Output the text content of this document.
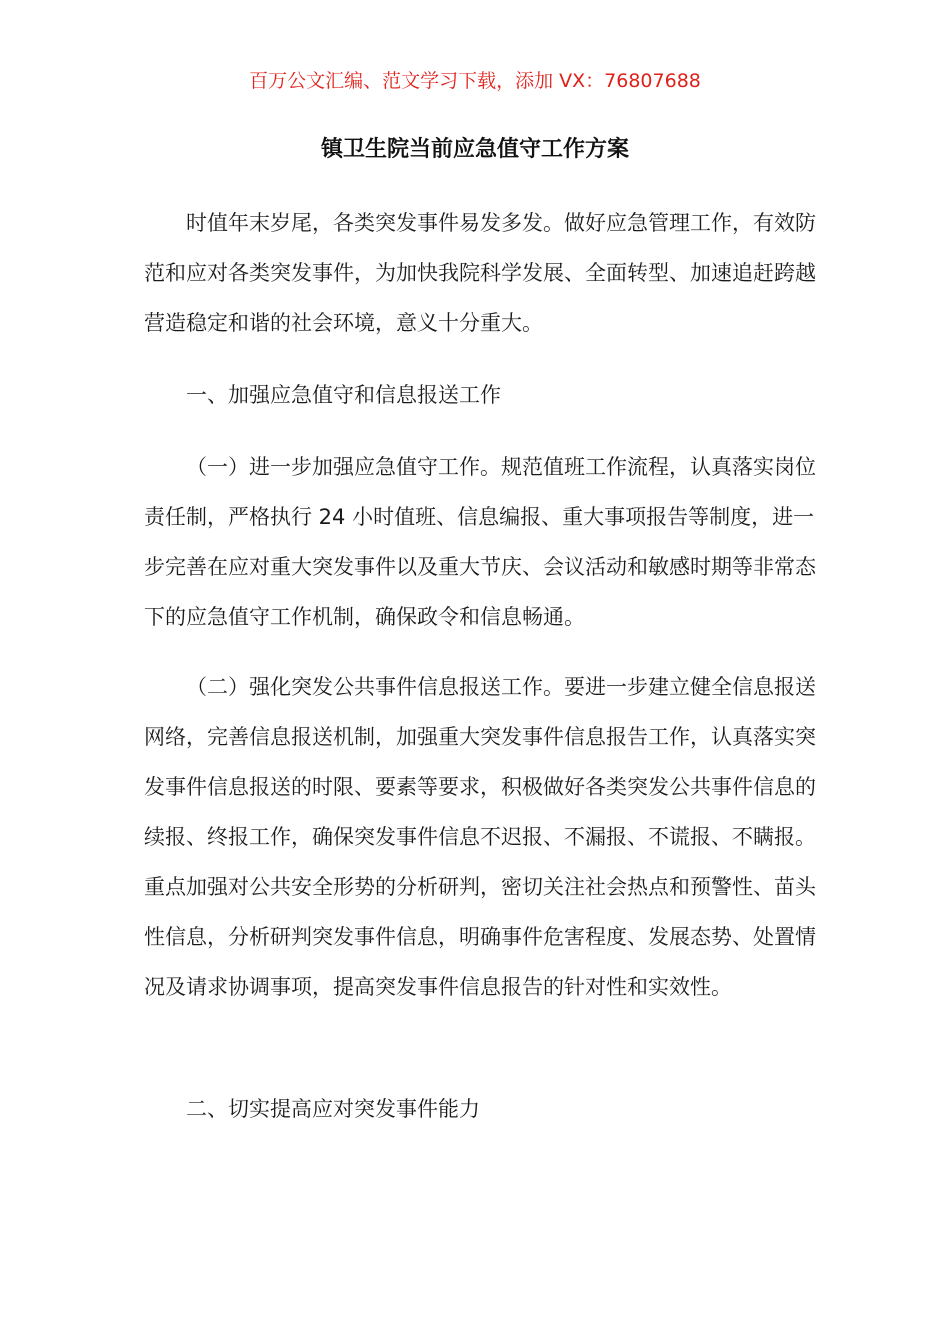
百万公文汇编、范文学习下载，添加 VX：76807688
镇卫生院当前应急值守工作方案

时值年末岁尾，各类突发事件易发多发。做好应急管理工作，有效防范和应对各类突发事件，为加快我院科学发展、全面转型、加速追赶跨越营造稳定和谐的社会环境，意义十分重大。

一、加强应急值守和信息报送工作

（一）进一步加强应急值守工作。规范值班工作流程，认真落实岗位责任制，严格执行 24 小时值班、信息编报、重大事项报告等制度，进一步完善在应对重大突发事件以及重大节庆、会议活动和敏感时期等非常态下的应急值守工作机制，确保政令和信息畅通。

（二）强化突发公共事件信息报送工作。要进一步建立健全信息报送网络，完善信息报送机制，加强重大突发事件信息报告工作，认真落实突发事件信息报送的时限、要素等要求，积极做好各类突发公共事件信息的续报、终报工作，确保突发事件信息不迟报、不漏报、不谎报、不瞒报。重点加强对公共安全形势的分析研判，密切关注社会热点和预警性、苗头性信息，分析研判突发事件信息，明确事件危害程度、发展态势、处置情况及请求协调事项，提高突发事件信息报告的针对性和实效性。

二、切实提高应对突发事件能力
